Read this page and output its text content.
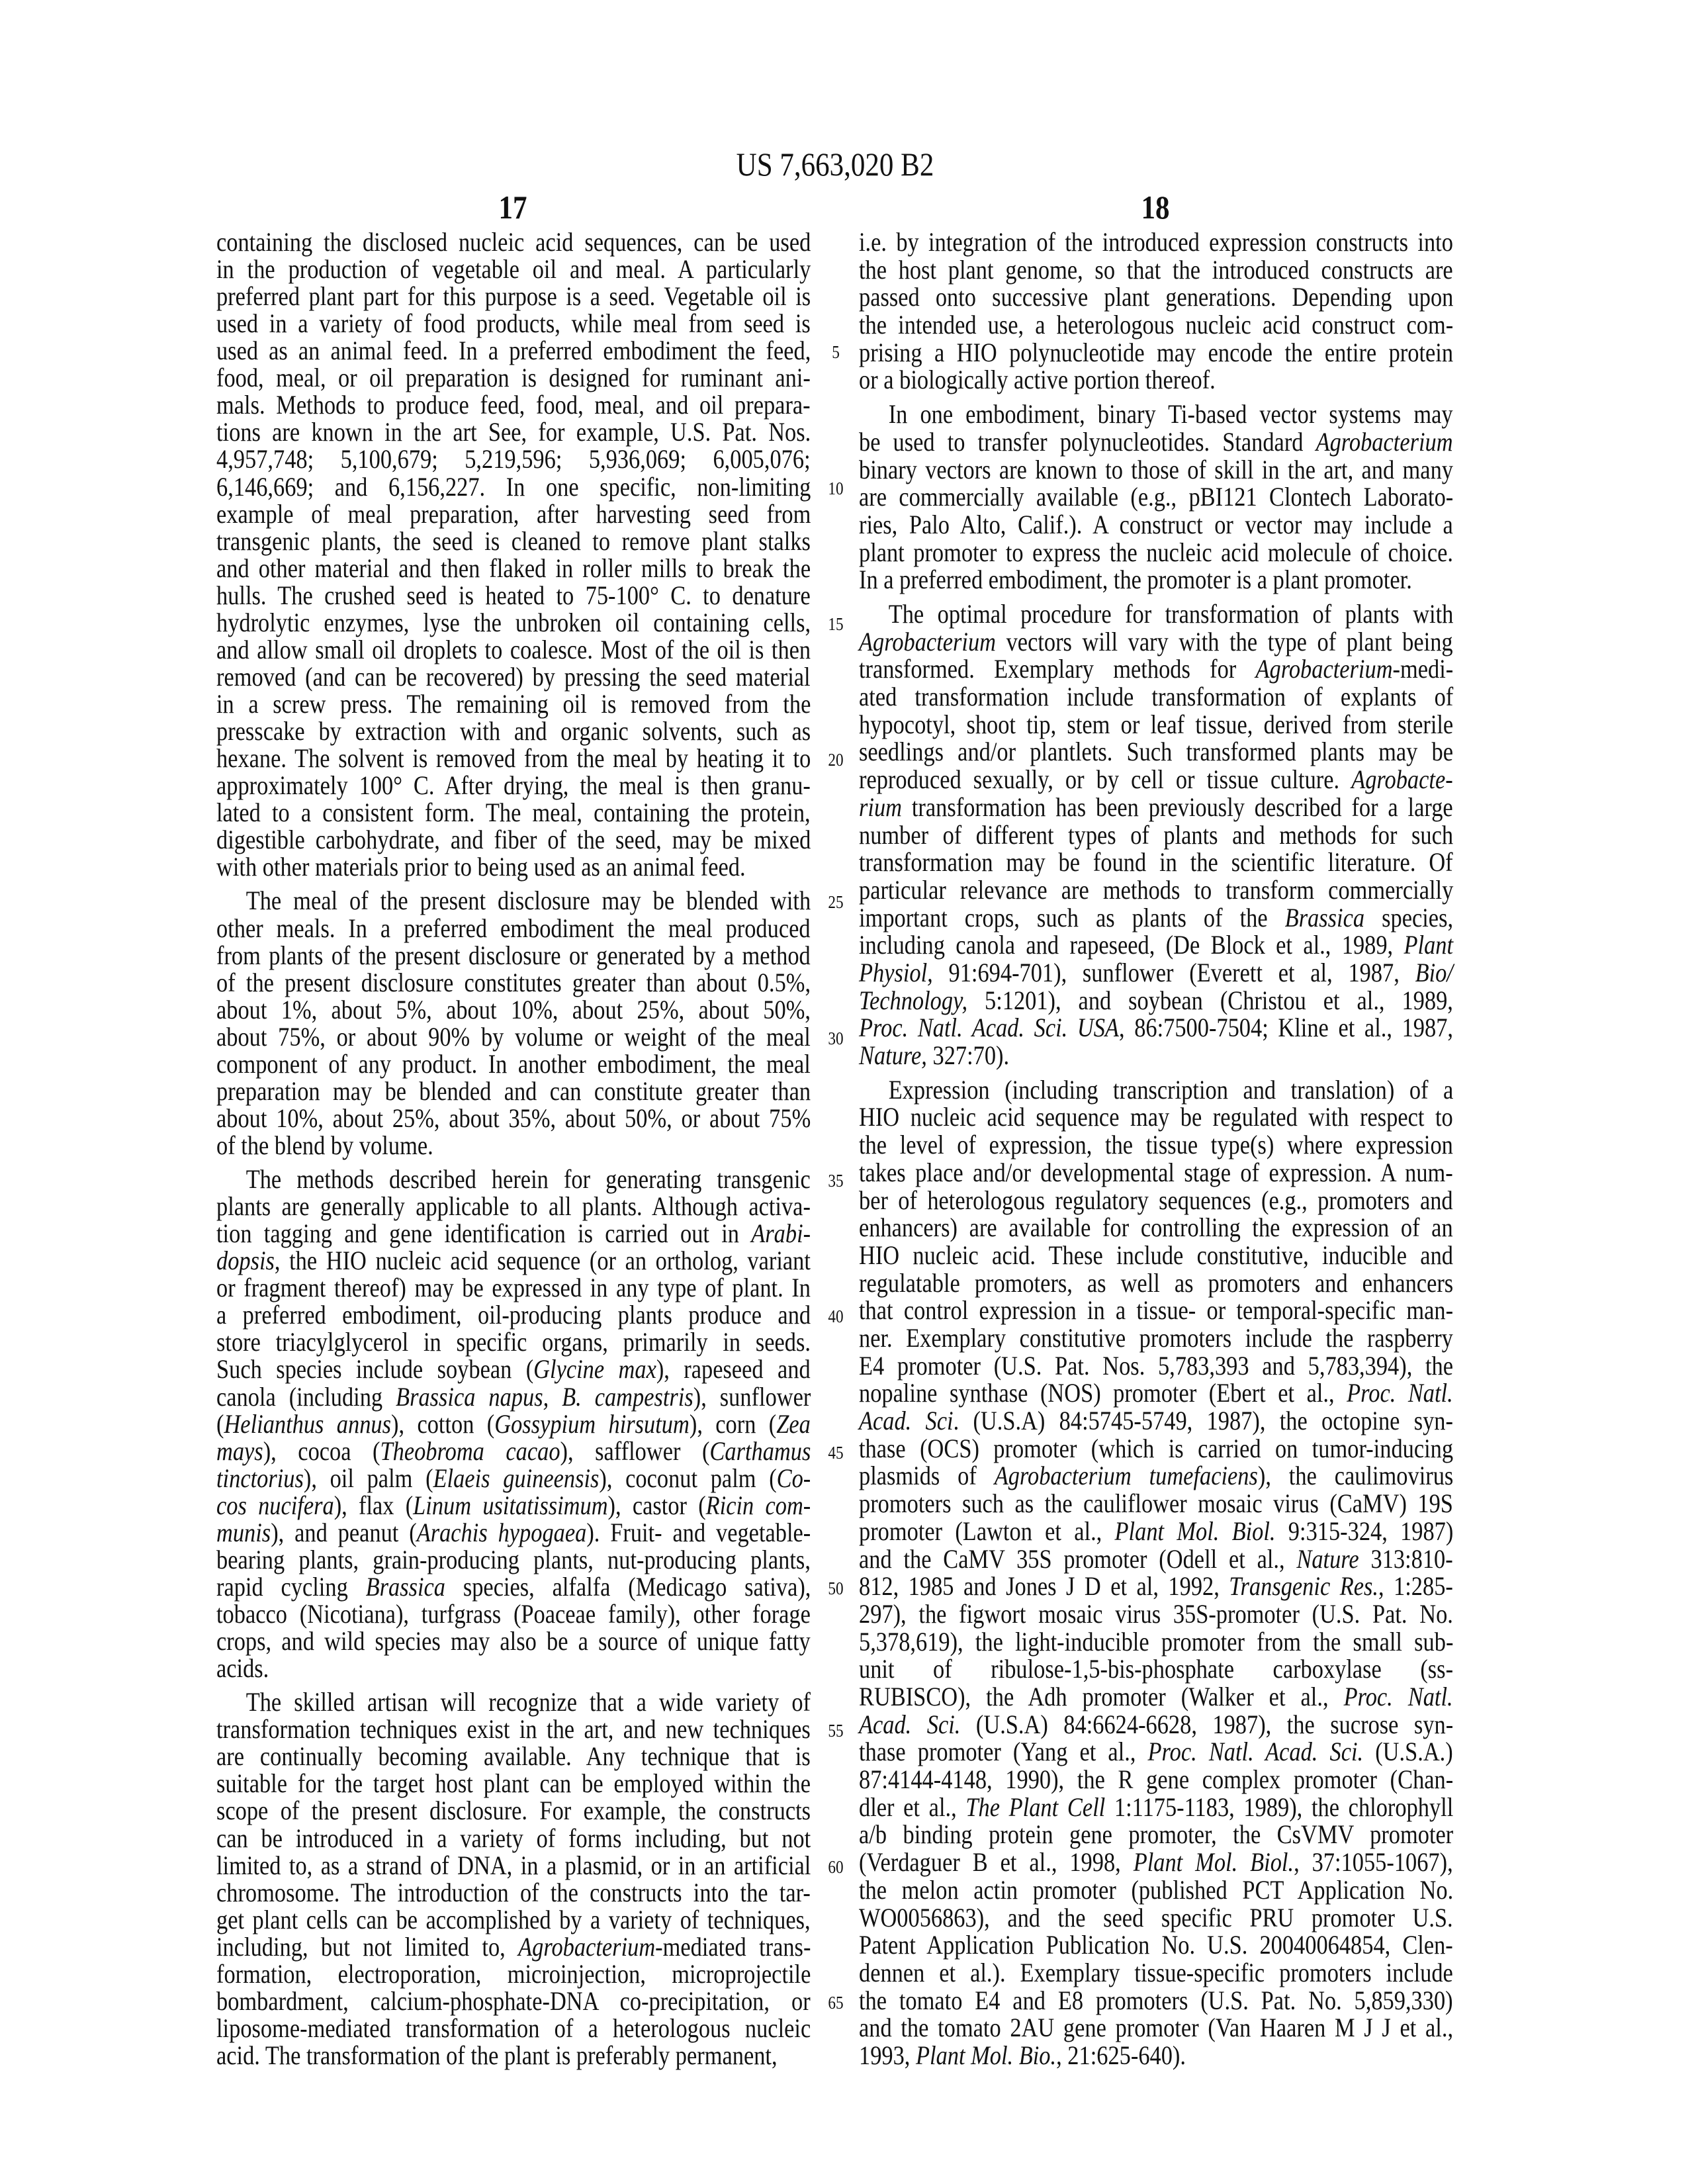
US 7,663,020 B2
17	18
containing the disclosed nucleic acid sequences, can be used
in the production of vegetable oil and meal. A particularly
preferred plant part for this purpose is a seed. Vegetable oil is
used in a variety of food products, while meal from seed is
used as an animal feed. In a preferred embodiment the feed,
food, meal, or oil preparation is designed for ruminant ani-
mals. Methods to produce feed, food, meal, and oil prepara-
tions are known in the art See, for example, U.S. Pat. Nos.
4,957,748; 5,100,679; 5,219,596; 5,936,069; 6,005,076;
6,146,669; and 6,156,227. In one specific, non-limiting
example of meal preparation, after harvesting seed from
transgenic plants, the seed is cleaned to remove plant stalks
and other material and then flaked in roller mills to break the
hulls. The crushed seed is heated to 75-100° C. to denature
hydrolytic enzymes, lyse the unbroken oil containing cells,
and allow small oil droplets to coalesce. Most of the oil is then
removed (and can be recovered) by pressing the seed material
in a screw press. The remaining oil is removed from the
presscake by extraction with and organic solvents, such as
hexane. The solvent is removed from the meal by heating it to
approximately 100° C. After drying, the meal is then granu-
lated to a consistent form. The meal, containing the protein,
digestible carbohydrate, and fiber of the seed, may be mixed
with other materials prior to being used as an animal feed.
The meal of the present disclosure may be blended with
other meals. In a preferred embodiment the meal produced
from plants of the present disclosure or generated by a method
of the present disclosure constitutes greater than about 0.5%,
about 1%, about 5%, about 10%, about 25%, about 50%,
about 75%, or about 90% by volume or weight of the meal
component of any product. In another embodiment, the meal
preparation may be blended and can constitute greater than
about 10%, about 25%, about 35%, about 50%, or about 75%
of the blend by volume.
The methods described herein for generating transgenic
plants are generally applicable to all plants. Although activa-
tion tagging and gene identification is carried out in Arabi-
dopsis, the HIO nucleic acid sequence (or an ortholog, variant
or fragment thereof) may be expressed in any type of plant. In
a preferred embodiment, oil-producing plants produce and
store triacylglycerol in specific organs, primarily in seeds.
Such species include soybean (Glycine max), rapeseed and
canola (including Brassica napus, B. campestris), sunflower
(Helianthus annus), cotton (Gossypium hirsutum), corn (Zea
mays), cocoa (Theobroma cacao), safflower (Carthamus
tinctorius), oil palm (Elaeis guineensis), coconut palm (Co-
cos nucifera), flax (Linum usitatissimum), castor (Ricin com-
munis), and peanut (Arachis hypogaea). Fruit- and vegetable-
bearing plants, grain-producing plants, nut-producing plants,
rapid cycling Brassica species, alfalfa (Medicago sativa),
tobacco (Nicotiana), turfgrass (Poaceae family), other forage
crops, and wild species may also be a source of unique fatty
acids.
The skilled artisan will recognize that a wide variety of
transformation techniques exist in the art, and new techniques
are continually becoming available. Any technique that is
suitable for the target host plant can be employed within the
scope of the present disclosure. For example, the constructs
can be introduced in a variety of forms including, but not
limited to, as a strand of DNA, in a plasmid, or in an artificial
chromosome. The introduction of the constructs into the tar-
get plant cells can be accomplished by a variety of techniques,
including, but not limited to, Agrobacterium-mediated trans-
formation, electroporation, microinjection, microprojectile
bombardment, calcium-phosphate-DNA co-precipitation, or
liposome-mediated transformation of a heterologous nucleic
acid. The transformation of the plant is preferably permanent,
i.e. by integration of the introduced expression constructs into
the host plant genome, so that the introduced constructs are
passed onto successive plant generations. Depending upon
the intended use, a heterologous nucleic acid construct com-
prising a HIO polynucleotide may encode the entire protein
or a biologically active portion thereof.
In one embodiment, binary Ti-based vector systems may
be used to transfer polynucleotides. Standard Agrobacterium
binary vectors are known to those of skill in the art, and many
are commercially available (e.g., pBI121 Clontech Laborato-
ries, Palo Alto, Calif.). A construct or vector may include a
plant promoter to express the nucleic acid molecule of choice.
In a preferred embodiment, the promoter is a plant promoter.
The optimal procedure for transformation of plants with
Agrobacterium vectors will vary with the type of plant being
transformed. Exemplary methods for Agrobacterium-medi-
ated transformation include transformation of explants of
hypocotyl, shoot tip, stem or leaf tissue, derived from sterile
seedlings and/or plantlets. Such transformed plants may be
reproduced sexually, or by cell or tissue culture. Agrobacte-
rium transformation has been previously described for a large
number of different types of plants and methods for such
transformation may be found in the scientific literature. Of
particular relevance are methods to transform commercially
important crops, such as plants of the Brassica species,
including canola and rapeseed, (De Block et al., 1989, Plant
Physiol, 91:694-701), sunflower (Everett et al, 1987, Bio/
Technology, 5:1201), and soybean (Christou et al., 1989,
Proc. Natl. Acad. Sci. USA, 86:7500-7504; Kline et al., 1987,
Nature, 327:70).
Expression (including transcription and translation) of a
HIO nucleic acid sequence may be regulated with respect to
the level of expression, the tissue type(s) where expression
takes place and/or developmental stage of expression. A num-
ber of heterologous regulatory sequences (e.g., promoters and
enhancers) are available for controlling the expression of an
HIO nucleic acid. These include constitutive, inducible and
regulatable promoters, as well as promoters and enhancers
that control expression in a tissue- or temporal-specific man-
ner. Exemplary constitutive promoters include the raspberry
E4 promoter (U.S. Pat. Nos. 5,783,393 and 5,783,394), the
nopaline synthase (NOS) promoter (Ebert et al., Proc. Natl.
Acad. Sci. (U.S.A) 84:5745-5749, 1987), the octopine syn-
thase (OCS) promoter (which is carried on tumor-inducing
plasmids of Agrobacterium tumefaciens), the caulimovirus
promoters such as the cauliflower mosaic virus (CaMV) 19S
promoter (Lawton et al., Plant Mol. Biol. 9:315-324, 1987)
and the CaMV 35S promoter (Odell et al., Nature 313:810-
812, 1985 and Jones J D et al, 1992, Transgenic Res., 1:285-
297), the figwort mosaic virus 35S-promoter (U.S. Pat. No.
5,378,619), the light-inducible promoter from the small sub-
unit of ribulose-1,5-bis-phosphate carboxylase (ss-
RUBISCO), the Adh promoter (Walker et al., Proc. Natl.
Acad. Sci. (U.S.A) 84:6624-6628, 1987), the sucrose syn-
thase promoter (Yang et al., Proc. Natl. Acad. Sci. (U.S.A.)
87:4144-4148, 1990), the R gene complex promoter (Chan-
dler et al., The Plant Cell 1:1175-1183, 1989), the chlorophyll
a/b binding protein gene promoter, the CsVMV promoter
(Verdaguer B et al., 1998, Plant Mol. Biol., 37:1055-1067),
the melon actin promoter (published PCT Application No.
WO0056863), and the seed specific PRU promoter U.S.
Patent Application Publication No. U.S. 20040064854, Clen-
dennen et al.). Exemplary tissue-specific promoters include
the tomato E4 and E8 promoters (U.S. Pat. No. 5,859,330)
and the tomato 2AU gene promoter (Van Haaren M J J et al.,
1993, Plant Mol. Bio., 21:625-640).
5
10
15
20
25
30
35
40
45
50
55
60
65
